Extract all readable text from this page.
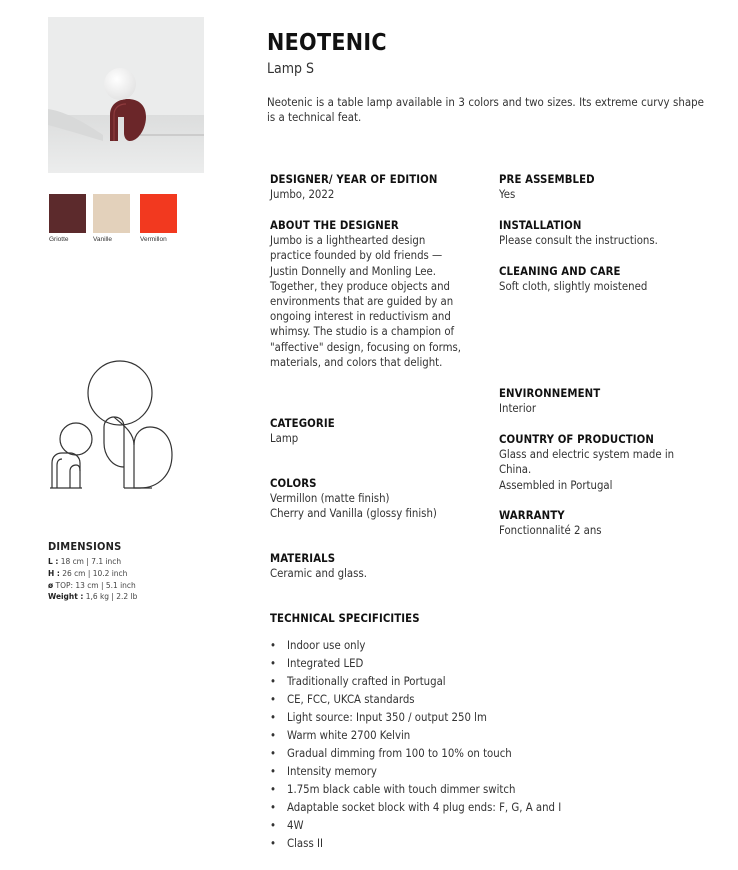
Griotte	Vanille	Vermillon
DIMENSIONS
L : 18 cm | 7.1 inch
H : 26 cm | 10.2 inch
ø TOP: 13 cm | 5.1 inch
Weight : 1,6 kg | 2.2 lb
NEOTENIC
Lamp S
Neotenic is a table lamp available in 3 colors and two sizes. Its extreme curvy shape is a technical feat.
DESIGNER/ YEAR OF EDITION
Jumbo, 2022
ABOUT THE DESIGNER
Jumbo is a lighthearted design
practice founded by old friends —
Justin Donnelly and Monling Lee.
Together, they produce objects and
environments that are guided by an
ongoing interest in reductivism and
whimsy. The studio is a champion of
"affective" design, focusing on forms,
materials, and colors that delight.
CATEGORIE
Lamp
COLORS
Vermillon (matte finish)
Cherry and Vanilla (glossy finish)
MATERIALS
Ceramic and glass.
PRE ASSEMBLED
Yes
INSTALLATION
Please consult the instructions.
CLEANING AND CARE
Soft cloth, slightly moistened
ENVIRONNEMENT
Interior
COUNTRY OF PRODUCTION
Glass and electric system made in
China.
Assembled in Portugal
WARRANTY
Fonctionnalité 2 ans
TECHNICAL SPECIFICITIES
• Indoor use only
• Integrated LED
• Traditionally crafted in Portugal
• CE, FCC, UKCA standards
• Light source: Input 350 / output 250 lm
• Warm white 2700 Kelvin
• Gradual dimming from 100 to 10% on touch
• Intensity memory
• 1.75m black cable with touch dimmer switch
• Adaptable socket block with 4 plug ends: F, G, A and I
• 4W
• Class II
